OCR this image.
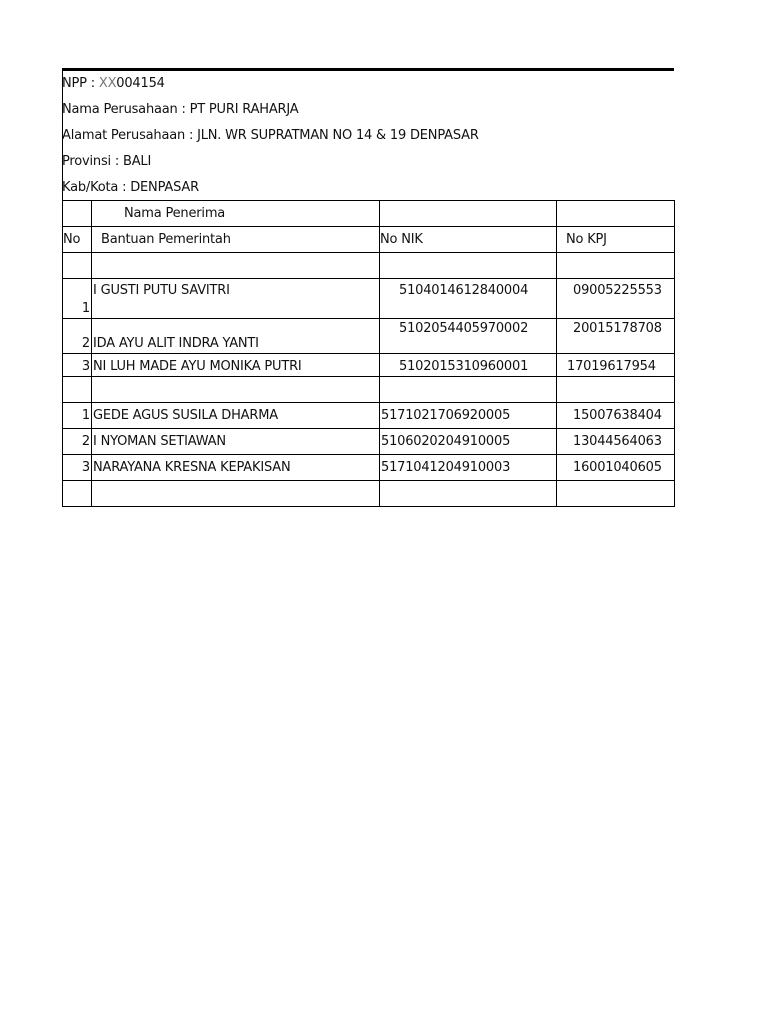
NPP : XX004154
Nama Perusahaan : PT PURI RAHARJA
Alamat Perusahaan : JLN. WR SUPRATMAN NO 14 & 19 DENPASAR
Provinsi : BALI
Kab/Kota : DENPASAR
	Nama Penerima		
No	Bantuan Pemerintah	No NIK	No KPJ

1	I GUSTI PUTU SAVITRI	5104014612840004	09005225553
2	IDA AYU ALIT INDRA YANTI	5102054405970002	20015178708
3	NI LUH MADE AYU MONIKA PUTRI	5102015310960001	17019617954

1	GEDE AGUS SUSILA DHARMA	5171021706920005	15007638404
2	I NYOMAN SETIAWAN	5106020204910005	13044564063
3	NARAYANA KRESNA KEPAKISAN	5171041204910003	16001040605
